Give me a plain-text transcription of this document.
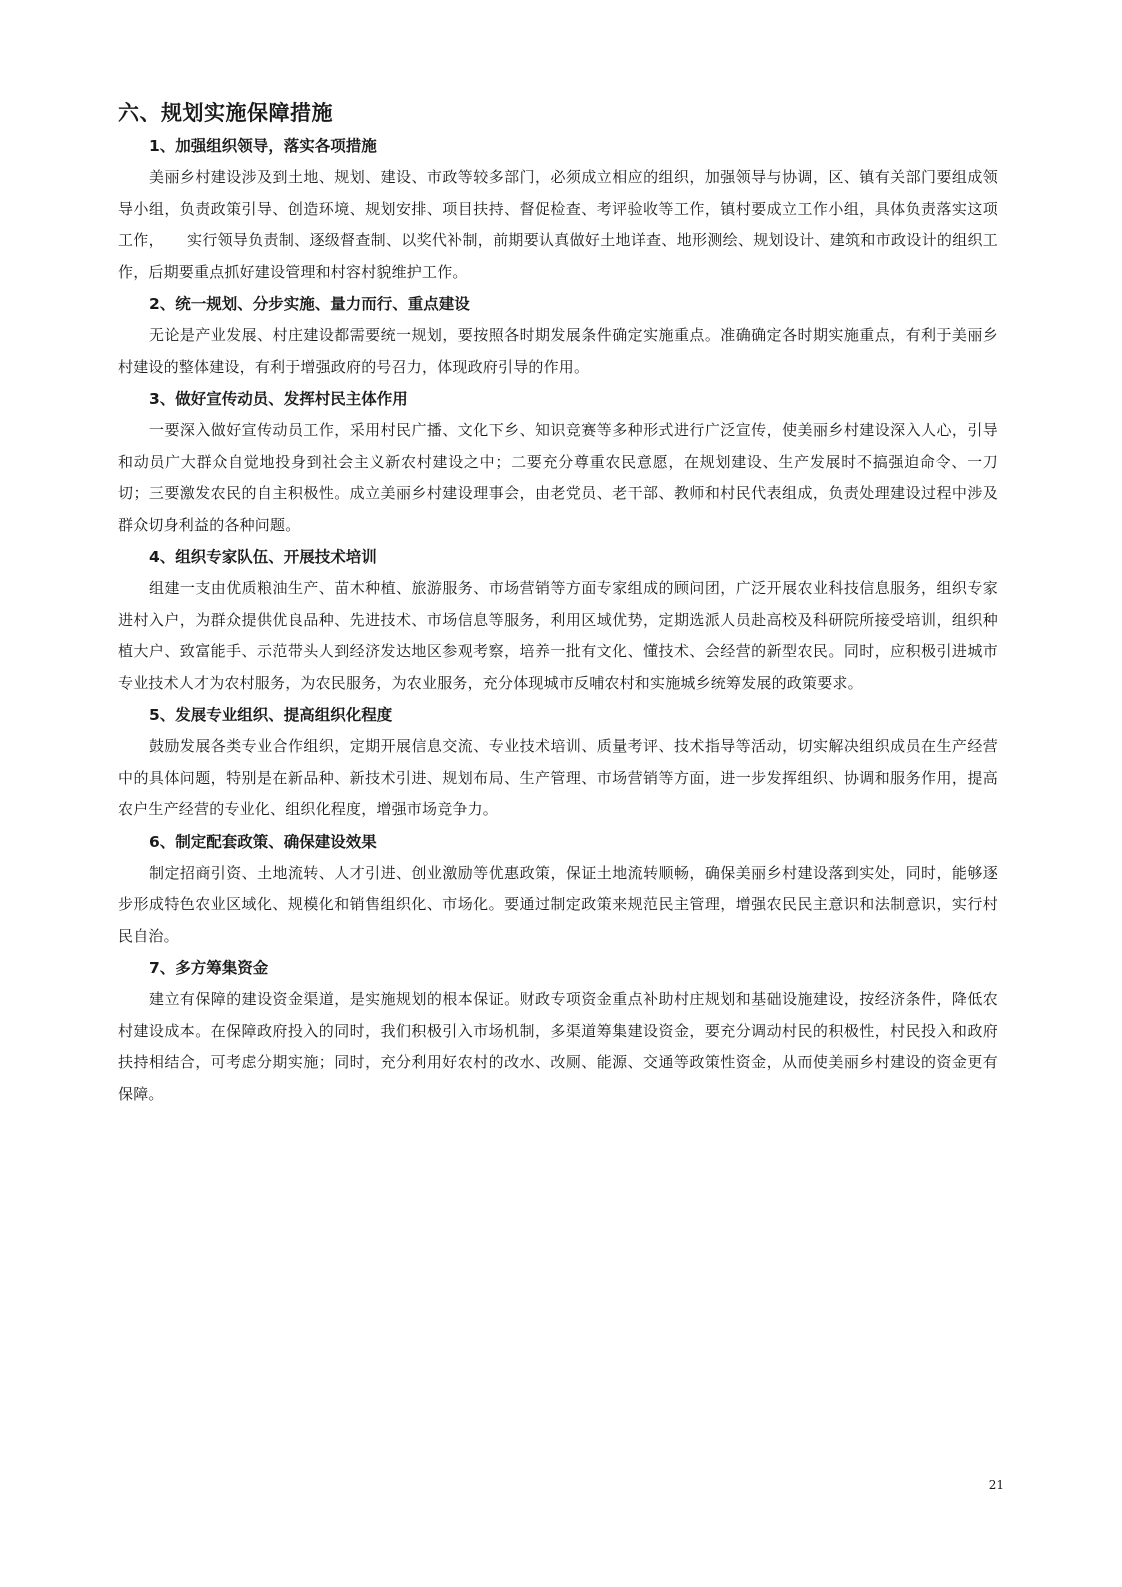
六、规划实施保障措施
1、加强组织领导，落实各项措施

美丽乡村建设涉及到土地、规划、建设、市政等较多部门，必须成立相应的组织，加强领导与协调，区、镇有关部门要组成领导小组，负责政策引导、创造环境、规划安排、项目扶持、督促检查、考评验收等工作，镇村要成立工作小组，具体负责落实这项工作，　　实行领导负责制、逐级督查制、以奖代补制，前期要认真做好土地详查、地形测绘、规划设计、建筑和市政设计的组织工作，后期要重点抓好建设管理和村容村貌维护工作。

2、统一规划、分步实施、量力而行、重点建设

无论是产业发展、村庄建设都需要统一规划，要按照各时期发展条件确定实施重点。准确确定各时期实施重点，有利于美丽乡村建设的整体建设，有利于增强政府的号召力，体现政府引导的作用。

3、做好宣传动员、发挥村民主体作用

一要深入做好宣传动员工作，采用村民广播、文化下乡、知识竞赛等多种形式进行广泛宣传，使美丽乡村建设深入人心，引导和动员广大群众自觉地投身到社会主义新农村建设之中；二要充分尊重农民意愿，在规划建设、生产发展时不搞强迫命令、一刀切；三要激发农民的自主积极性。成立美丽乡村建设理事会，由老党员、老干部、教师和村民代表组成，负责处理建设过程中涉及群众切身利益的各种问题。

4、组织专家队伍、开展技术培训

组建一支由优质粮油生产、苗木种植、旅游服务、市场营销等方面专家组成的顾问团，广泛开展农业科技信息服务，组织专家进村入户，为群众提供优良品种、先进技术、市场信息等服务，利用区域优势，定期选派人员赴高校及科研院所接受培训，组织种植大户、致富能手、示范带头人到经济发达地区参观考察，培养一批有文化、懂技术、会经营的新型农民。同时，应积极引进城市专业技术人才为农村服务，为农民服务，为农业服务，充分体现城市反哺农村和实施城乡统筹发展的政策要求。

5、发展专业组织、提高组织化程度

鼓励发展各类专业合作组织，定期开展信息交流、专业技术培训、质量考评、技术指导等活动，切实解决组织成员在生产经营中的具体问题，特别是在新品种、新技术引进、规划布局、生产管理、市场营销等方面，进一步发挥组织、协调和服务作用，提高农户生产经营的专业化、组织化程度，增强市场竞争力。

6、制定配套政策、确保建设效果

制定招商引资、土地流转、人才引进、创业激励等优惠政策，保证土地流转顺畅，确保美丽乡村建设落到实处，同时，能够逐步形成特色农业区域化、规模化和销售组织化、市场化。要通过制定政策来规范民主管理，增强农民民主意识和法制意识，实行村民自治。

7、多方筹集资金

建立有保障的建设资金渠道，是实施规划的根本保证。财政专项资金重点补助村庄规划和基础设施建设，按经济条件，降低农村建设成本。在保障政府投入的同时，我们积极引入市场机制，多渠道筹集建设资金，要充分调动村民的积极性，村民投入和政府扶持相结合，可考虑分期实施；同时，充分利用好农村的改水、改厕、能源、交通等政策性资金，从而使美丽乡村建设的资金更有保障。

21
